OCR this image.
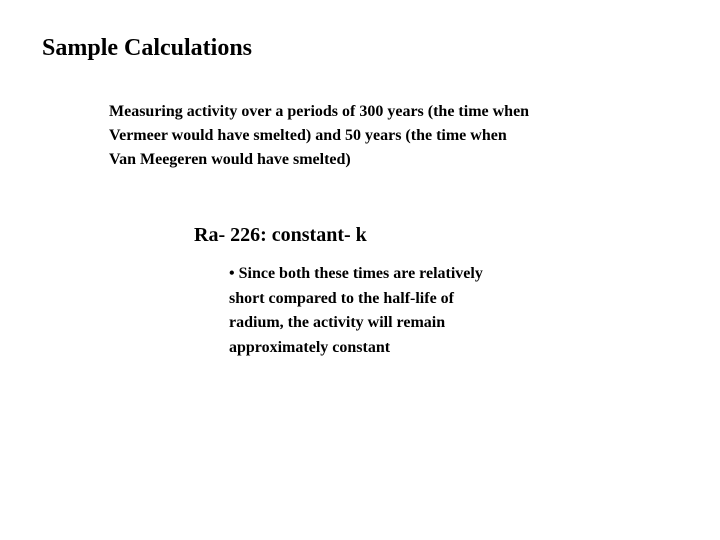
Sample Calculations
Measuring activity over a periods of 300 years (the time when
Vermeer would have smelted) and 50 years (the time when
Van Meegeren would have smelted)
Ra- 226: constant- k
• Since both these times are relatively
short compared to the half-life of
radium, the activity will remain
approximately constant
